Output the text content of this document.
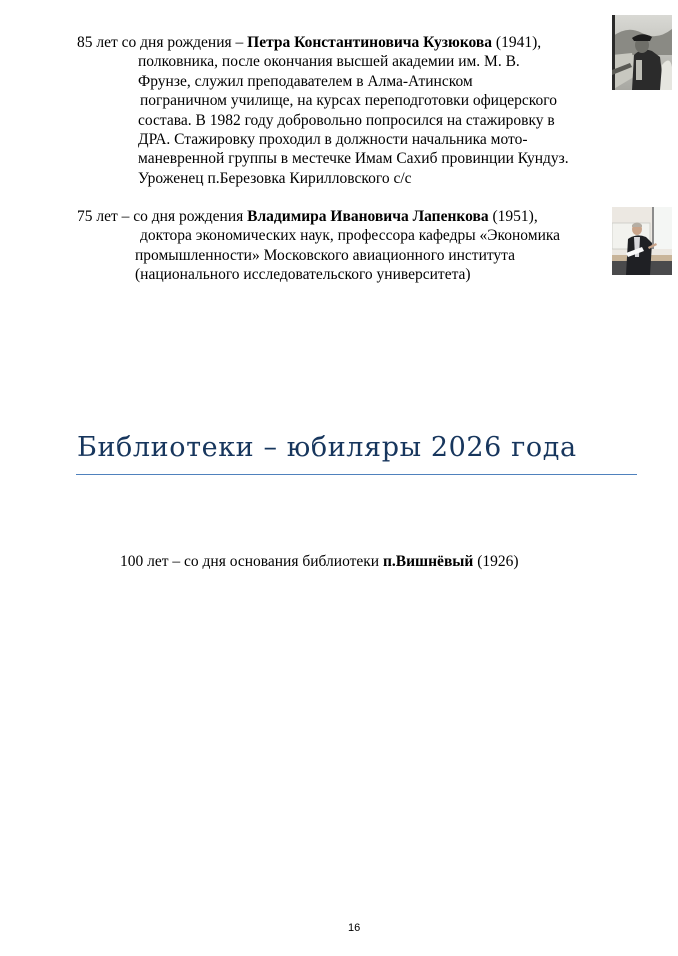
85 лет со дня рождения – Петра Константиновича Кузюкова (1941),
полковника, после окончания высшей академии им. М. В.
Фрунзе, служил преподавателем в Алма-Атинском
пограничном училище, на курсах переподготовки офицерского
состава. В 1982 году добровольно попросился на стажировку в
ДРА. Стажировку проходил в должности начальника мото-
маневренной группы в местечке Имам Сахиб провинции Кундуз.
Уроженец п.Березовка Кирилловского с/с
75 лет – со дня рождения Владимира Ивановича Лапенкова (1951),
доктора экономических наук, профессора кафедры «Экономика
промышленности» Московского авиационного института
(национального исследовательского университета)
Библиотеки – юбиляры 2026 года
100 лет – со дня основания библиотеки п.Вишнёвый (1926)
16
